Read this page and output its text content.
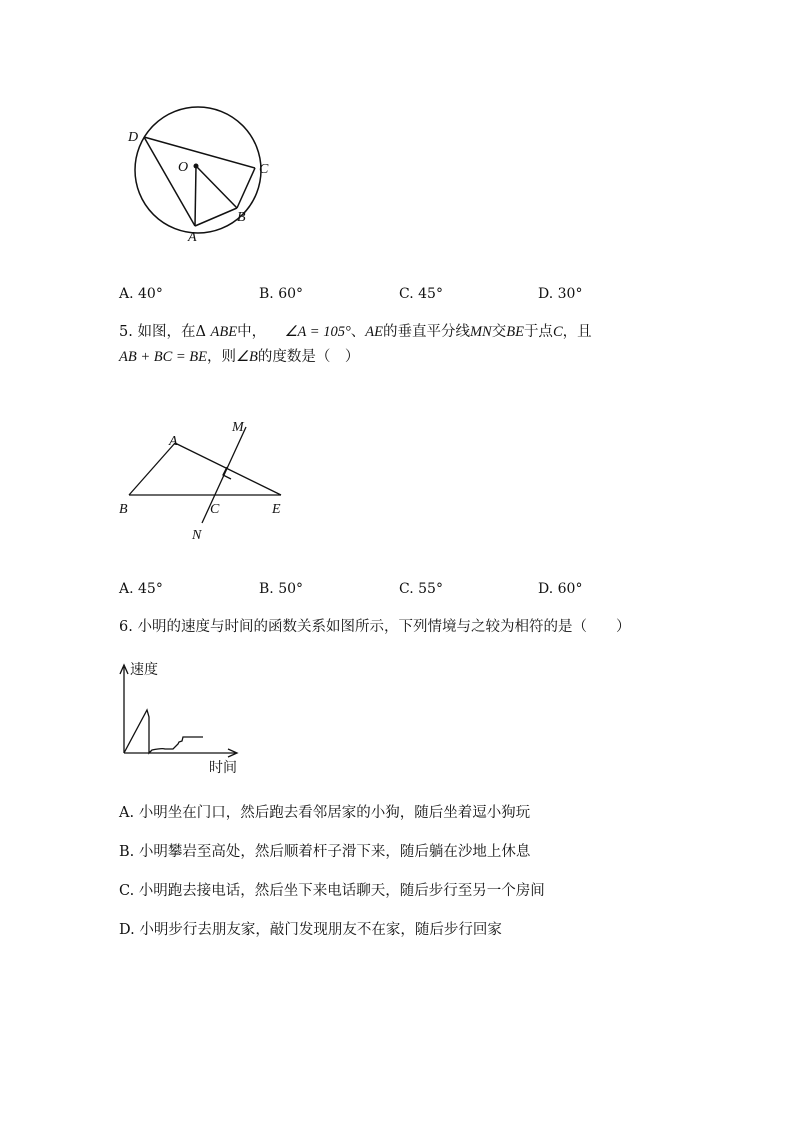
D
O	C
B
A
A. 40°	B. 60°	C. 45°	D. 30°
5. 如图，在Δ ABE中， ∠A = 105°、AE的垂直平分线MN交BE于点C，且
AB + BC = BE，则∠B的度数是（　）
A
M
B	C	E
N
A. 45°	B. 50°	C. 55°	D. 60°
6. 小明的速度与时间的函数关系如图所示，下列情境与之较为相符的是（　　）
速度
时间
A. 小明坐在门口，然后跑去看邻居家的小狗，随后坐着逗小狗玩
B. 小明攀岩至高处，然后顺着杆子滑下来，随后躺在沙地上休息
C. 小明跑去接电话，然后坐下来电话聊天，随后步行至另一个房间
D. 小明步行去朋友家，敲门发现朋友不在家，随后步行回家
